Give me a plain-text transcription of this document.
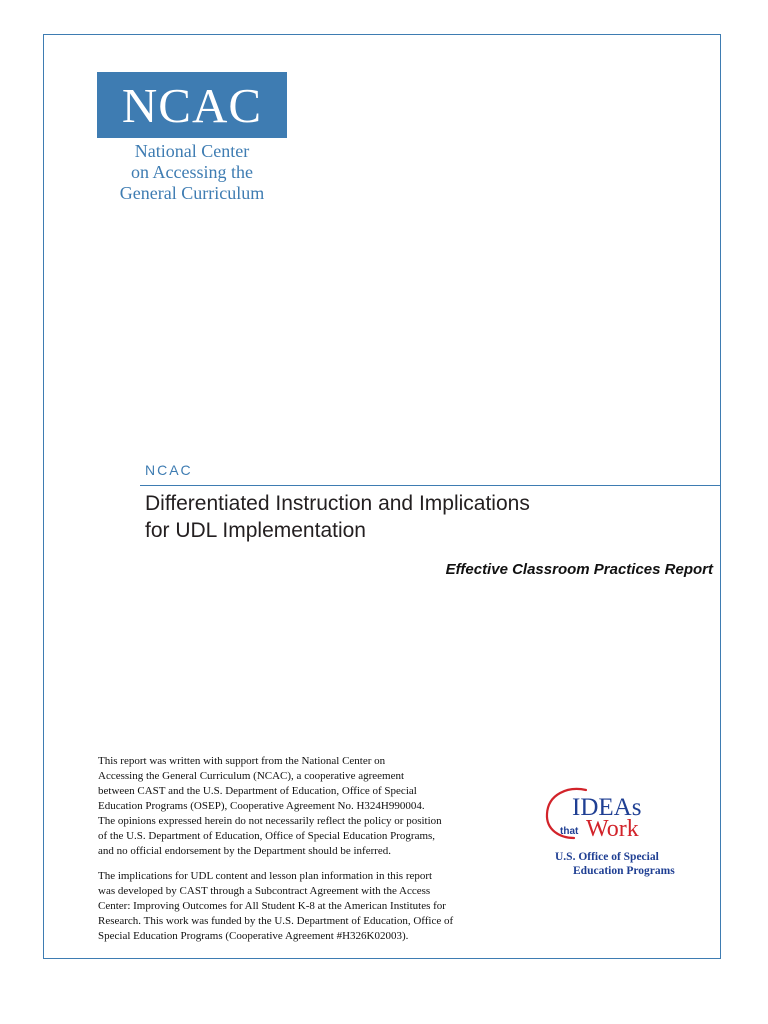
NCAC
National Center
on Accessing the
General Curriculum
NCAC
Differentiated Instruction and Implications
for UDL Implementation
Effective Classroom Practices Report
This report was written with support from the National Center on
Accessing the General Curriculum (NCAC), a cooperative agreement
between CAST and the U.S. Department of Education, Office of Special
Education Programs (OSEP), Cooperative Agreement No. H324H990004.
The opinions expressed herein do not necessarily reflect the policy or position
of the U.S. Department of Education, Office of Special Education Programs,
and no official endorsement by the Department should be inferred.
The implications for UDL content and lesson plan information in this report
was developed by CAST through a Subcontract Agreement with the Access
Center: Improving Outcomes for All Student K-8 at the American Institutes for
Research. This work was funded by the U.S. Department of Education, Office of
Special Education Programs (Cooperative Agreement #H326K02003).
IDEAs
that Work
U.S. Office of Special
Education Programs
